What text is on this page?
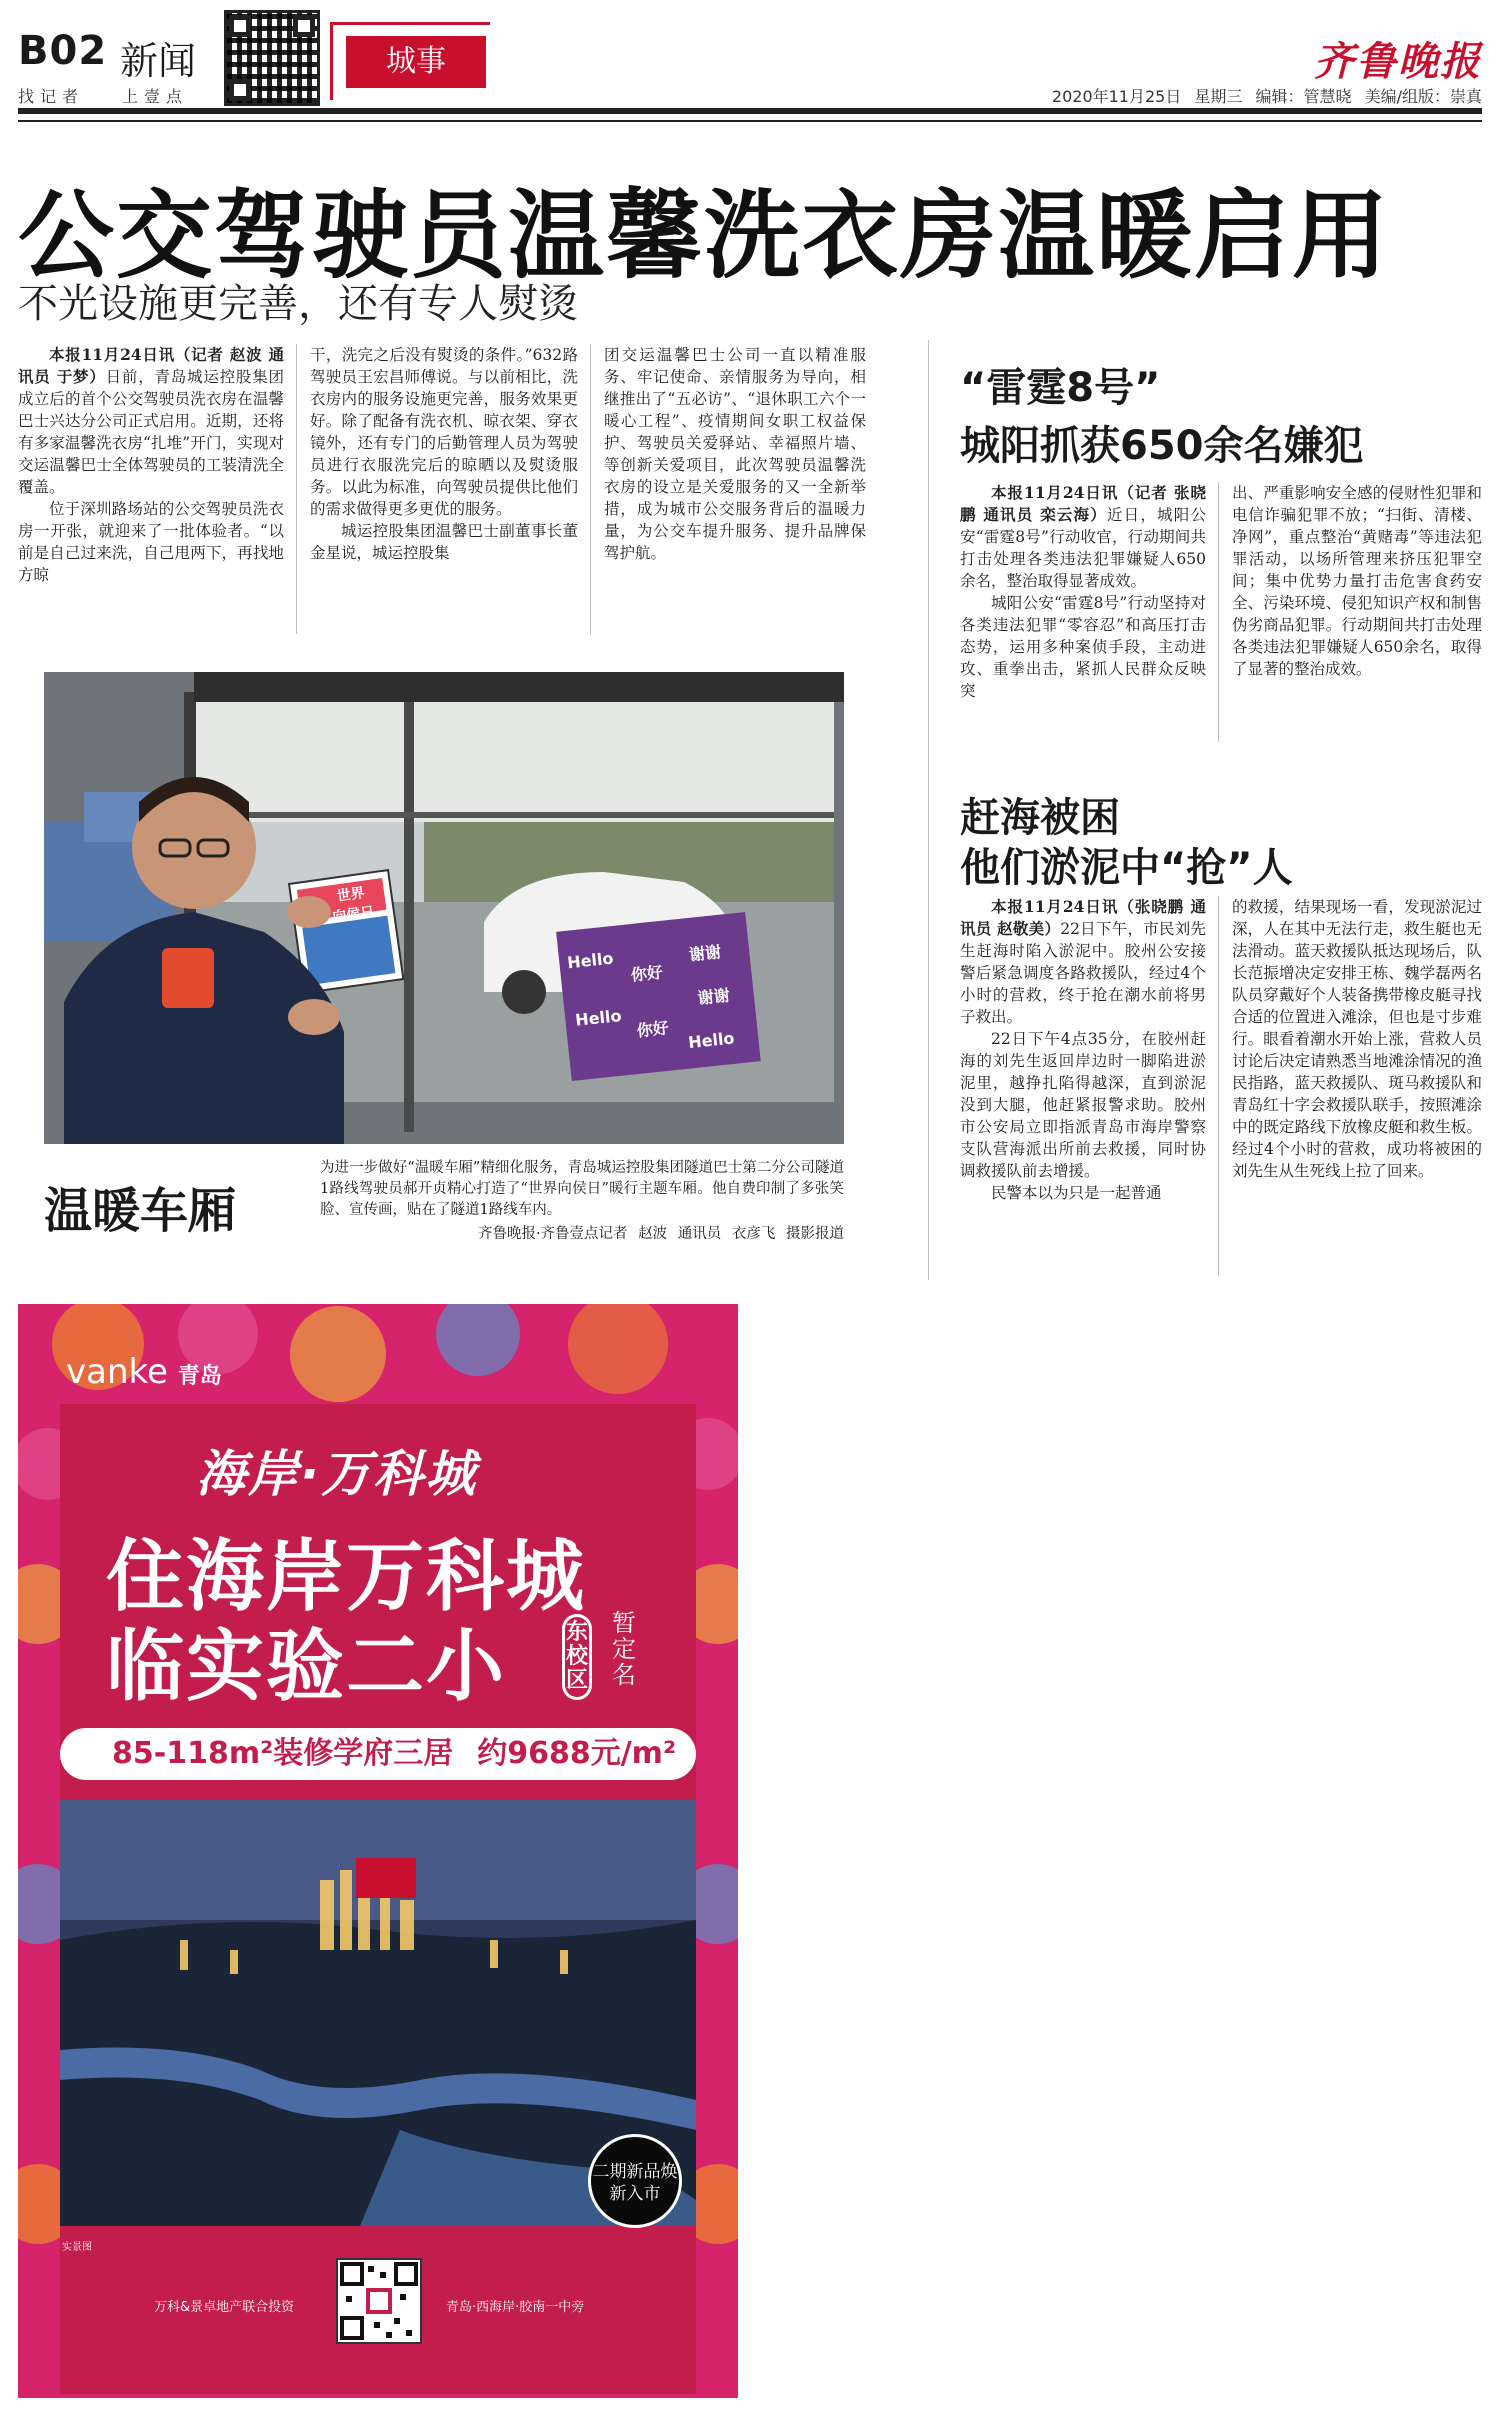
B02 新闻
找记者 上壹点
城事	齐鲁晚报
2020年11月25日 星期三 编辑：管慧晓 美编/组版：崇真
公交驾驶员温馨洗衣房温暖启用
不光设施更完善，还有专人熨烫

本报11月24日讯（记者 赵波 通讯员 于梦）日前，青岛城运控股集团成立后的首个公交驾驶员洗衣房在温馨巴士兴达分公司正式启用。近期，还将有多家温馨洗衣房“扎堆”开门，实现对交运温馨巴士全体驾驶员的工装清洗全覆盖。

位于深圳路场站的公交驾驶员洗衣房一开张，就迎来了一批体验者。“以前是自己过来洗，自己甩两下，再找地方晾

干，洗完之后没有熨烫的条件。”632路驾驶员王宏昌师傅说。与以前相比，洗衣房内的服务设施更完善，服务效果更好。除了配备有洗衣机、晾衣架、穿衣镜外，还有专门的后勤管理人员为驾驶员进行衣服洗完后的晾晒以及熨烫服务。以此为标准，向驾驶员提供比他们的需求做得更多更优的服务。

城运控股集团温馨巴士副董事长董金星说，城运控股集

团交运温馨巴士公司一直以精准服务、牢记使命、亲情服务为导向，相继推出了“五必访”、“退休职工六个一暖心工程”、疫情期间女职工权益保护、驾驶员关爱驿站、幸福照片墙、等创新关爱项目，此次驾驶员温馨洗衣房的设立是关爱服务的又一全新举措，成为城市公交服务背后的温暖力量，为公交车提升服务、提升品牌保驾护航。

世界
向侯日
Hello
你好
谢谢
Hello 你好 Hello
谢谢
温暖车厢
为进一步做好“温暖车厢”精细化服务，青岛城运控股集团隧道巴士第二分公司隧道1路线驾驶员郝开贞精心打造了“世界向侯日”暖行主题车厢。他自费印制了多张笑脸、宣传画，贴在了隧道1路线车内。
齐鲁晚报·齐鲁壹点记者 赵波 通讯员 衣彦飞 摄影报道
“雷霆8号”
城阳抓获650余名嫌犯

本报11月24日讯（记者 张晓鹏 通讯员 栾云海）近日，城阳公安“雷霆8号”行动收官，行动期间共打击处理各类违法犯罪嫌疑人650余名，整治取得显著成效。

城阳公安“雷霆8号”行动坚持对各类违法犯罪“零容忍”和高压打击态势，运用多种案侦手段，主动进攻、重拳出击，紧抓人民群众反映突

出、严重影响安全感的侵财性犯罪和电信诈骗犯罪不放；“扫街、清楼、净网”，重点整治“黄赌毒”等违法犯罪活动，以场所管理来挤压犯罪空间；集中优势力量打击危害食药安全、污染环境、侵犯知识产权和制售伪劣商品犯罪。行动期间共打击处理各类违法犯罪嫌疑人650余名，取得了显著的整治成效。

赶海被困
他们淤泥中“抢”人

本报11月24日讯（张晓鹏 通讯员 赵敬美）22日下午，市民刘先生赶海时陷入淤泥中。胶州公安接警后紧急调度各路救援队，经过4个小时的营救，终于抢在潮水前将男子救出。

22日下午4点35分，在胶州赶海的刘先生返回岸边时一脚陷进淤泥里，越挣扎陷得越深，直到淤泥没到大腿，他赶紧报警求助。胶州市公安局立即指派青岛市海岸警察支队营海派出所前去救援，同时协调救援队前去增援。

民警本以为只是一起普通

的救援，结果现场一看，发现淤泥过深，人在其中无法行走，救生艇也无法滑动。蓝天救援队抵达现场后，队长范振增决定安排王栋、魏学磊两名队员穿戴好个人装备携带橡皮艇寻找合适的位置进入滩涂，但也是寸步难行。眼看着潮水开始上涨，营救人员讨论后决定请熟悉当地滩涂情况的渔民指路，蓝天救援队、斑马救援队和青岛红十字会救援队联手，按照滩涂中的既定路线下放橡皮艇和救生板。经过4个小时的营救，成功将被困的刘先生从生死线上拉了回来。

vanke 青岛
海岸·万科城
住海岸万科城
临实验二小	东校区
暂定名
85-118m²装修学府三居 约9688元/m²
实景图
二期新品焕新入市
万科&景卓地产联合投资	青岛·西海岸·胶南一中旁
